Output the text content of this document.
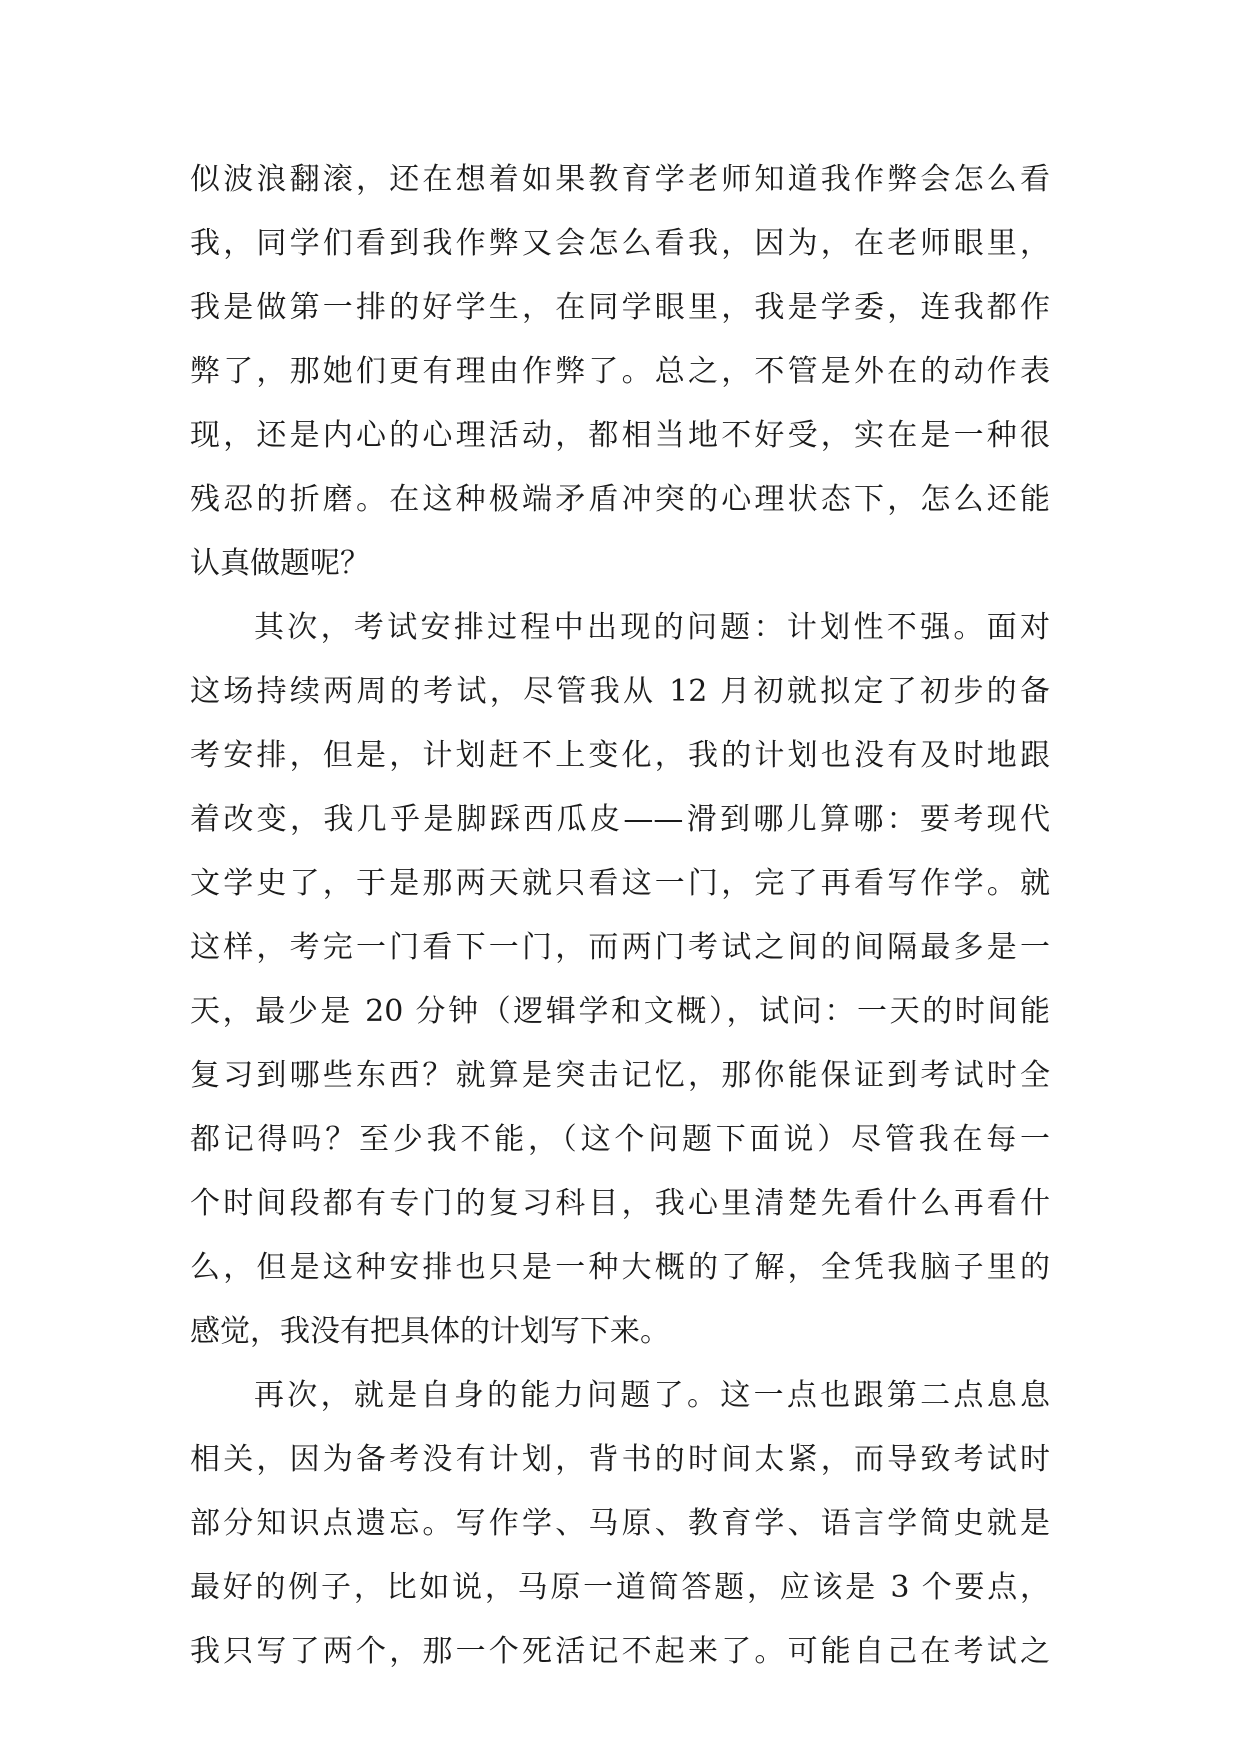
似波浪翻滚，还在想着如果教育学老师知道我作弊会怎么看
我，同学们看到我作弊又会怎么看我，因为，在老师眼里，
我是做第一排的好学生，在同学眼里，我是学委，连我都作
弊了，那她们更有理由作弊了。总之，不管是外在的动作表
现，还是内心的心理活动，都相当地不好受，实在是一种很
残忍的折磨。在这种极端矛盾冲突的心理状态下，怎么还能
认真做题呢？
其次，考试安排过程中出现的问题：计划性不强。面对
这场持续两周的考试，尽管我从 12 月初就拟定了初步的备
考安排，但是，计划赶不上变化，我的计划也没有及时地跟
着改变，我几乎是脚踩西瓜皮——滑到哪儿算哪：要考现代
文学史了，于是那两天就只看这一门，完了再看写作学。就
这样，考完一门看下一门，而两门考试之间的间隔最多是一
天，最少是 20 分钟（逻辑学和文概），试问：一天的时间能
复习到哪些东西？就算是突击记忆，那你能保证到考试时全
都记得吗？至少我不能，（这个问题下面说）尽管我在每一
个时间段都有专门的复习科目，我心里清楚先看什么再看什
么，但是这种安排也只是一种大概的了解，全凭我脑子里的
感觉，我没有把具体的计划写下来。
再次，就是自身的能力问题了。这一点也跟第二点息息
相关，因为备考没有计划，背书的时间太紧，而导致考试时
部分知识点遗忘。写作学、马原、教育学、语言学简史就是
最好的例子，比如说，马原一道简答题，应该是 3 个要点，
我只写了两个，那一个死活记不起来了。可能自己在考试之
